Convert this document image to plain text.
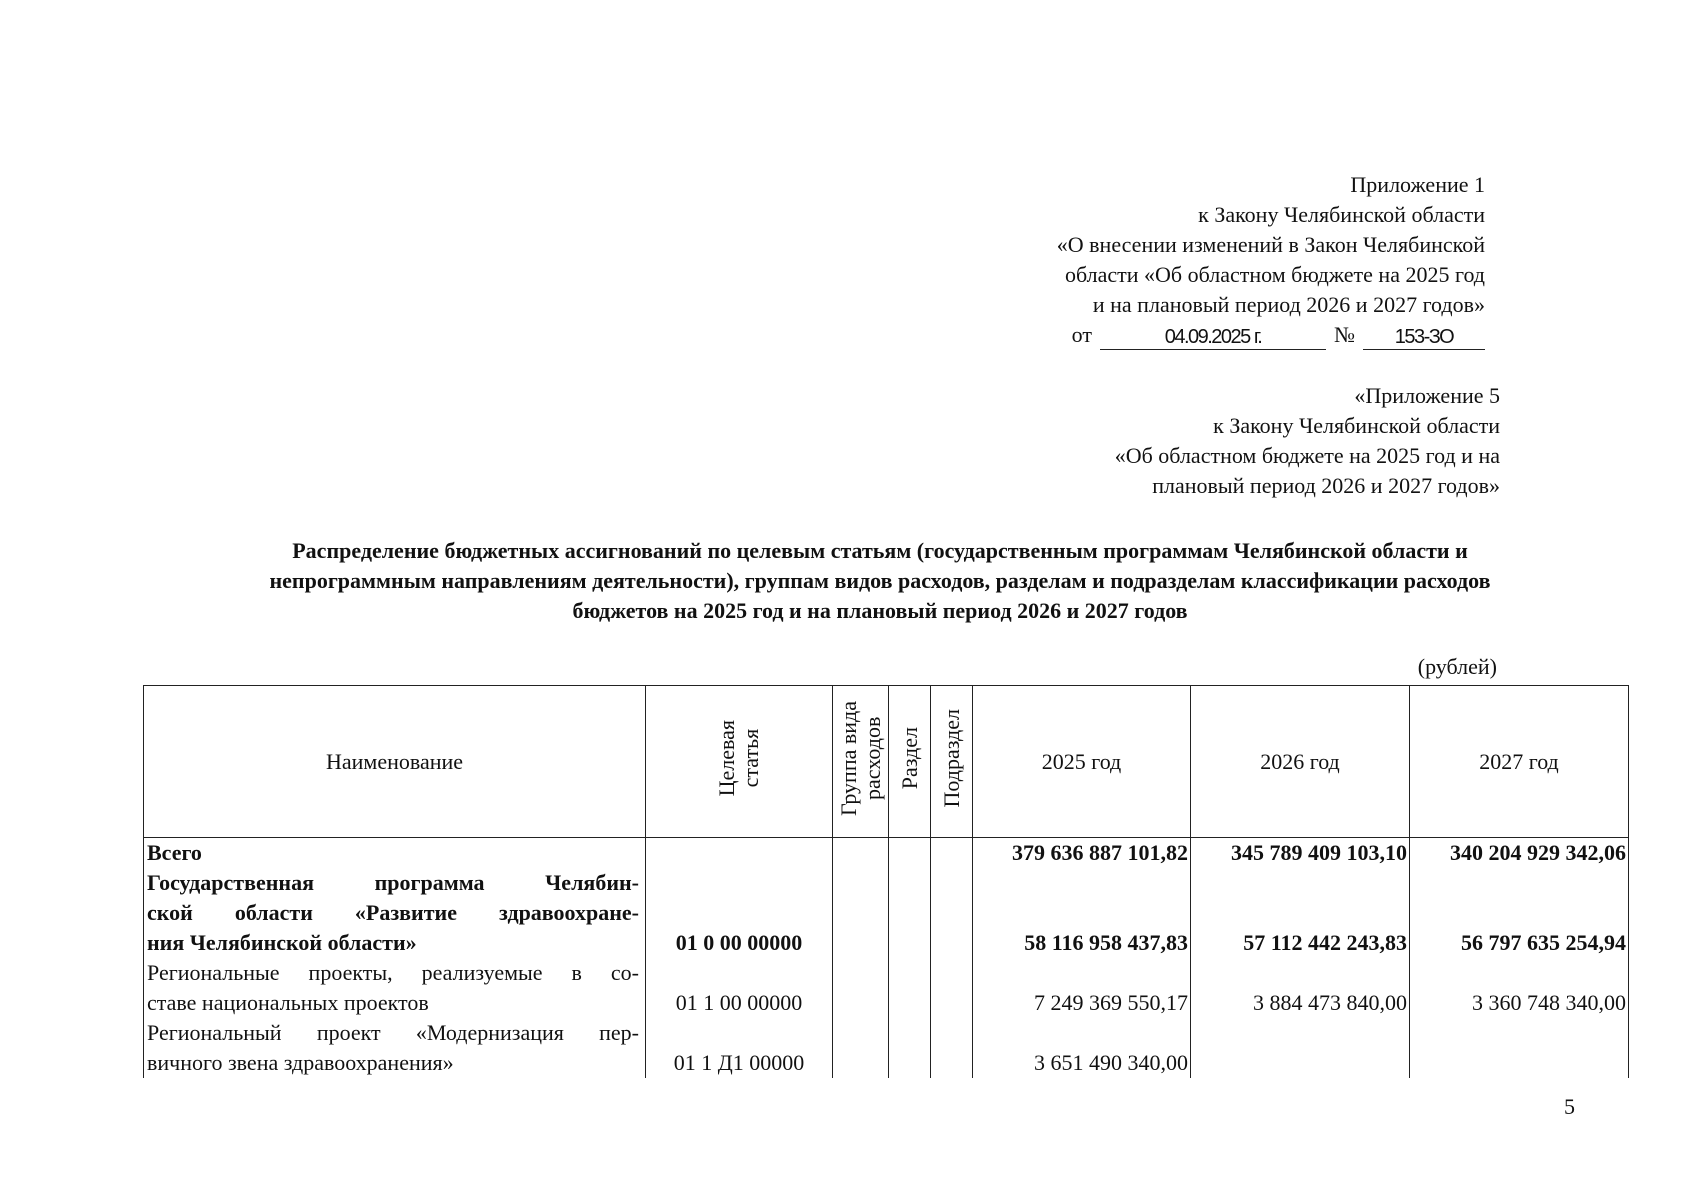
Приложение 1
к Закону Челябинской области
«О внесении изменений в Закон Челябинской
области «Об областном бюджете на 2025 год
и на плановый период 2026 и 2027 годов»
от	04.09.2025 г.	№	153-ЗО
«Приложение 5
к Закону Челябинской области
«Об областном бюджете на 2025 год и на
плановый период 2026 и 2027 годов»
Распределение бюджетных ассигнований по целевым статьям (государственным программам Челябинской области и
непрограммным направлениям деятельности), группам видов расходов, разделам и подразделам классификации расходов
бюджетов на 2025 год и на плановый период 2026 и 2027 годов
(рублей)
Наименование	Целевая статья	Группа вида расходов	Раздел	Подраздел	2025 год	2026 год	2027 год
Всего					379 636 887 101,82	345 789 409 103,10	340 204 929 342,06

Государственная программа Челябин-
ской области «Развитие здравоохране-
ния Челябинской области»	01 0 00 00000				58 116 958 437,83	57 112 442 243,83	56 797 635 254,94

Региональные проекты, реализуемые в со-
ставе национальных проектов	01 1 00 00000				7 249 369 550,17	3 884 473 840,00	3 360 748 340,00

Региональный проект «Модернизация пер-
вичного звена здравоохранения»	01 1 Д1 00000				3 651 490 340,00		
5
